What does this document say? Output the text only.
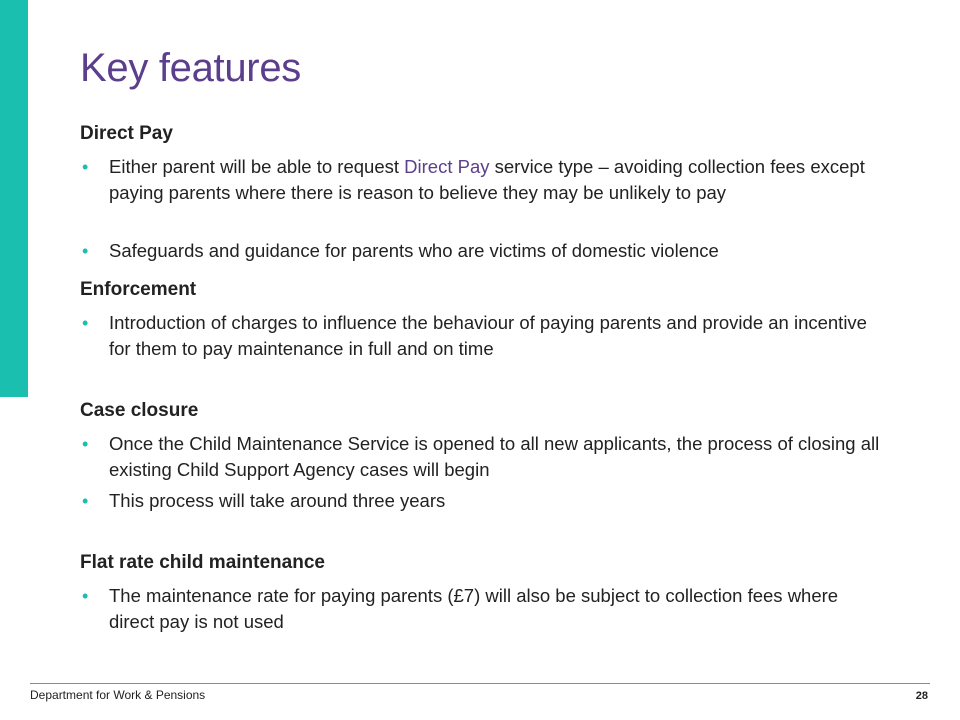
Key features
Direct Pay
• Either parent will be able to request Direct Pay service type – avoiding collection fees except paying parents where there is reason to believe they may be unlikely to pay
• Safeguards and guidance for parents who are victims of domestic violence
Enforcement
• Introduction of charges to influence the behaviour of paying parents and provide an incentive for them to pay maintenance in full and on time
Case closure
• Once the Child Maintenance Service is opened to all new applicants, the process of closing all existing Child Support Agency cases will begin
• This process will take around three years
Flat rate child maintenance
• The maintenance rate for paying parents (£7) will also be subject to collection fees where direct pay is not used
Department for Work & Pensions	28
